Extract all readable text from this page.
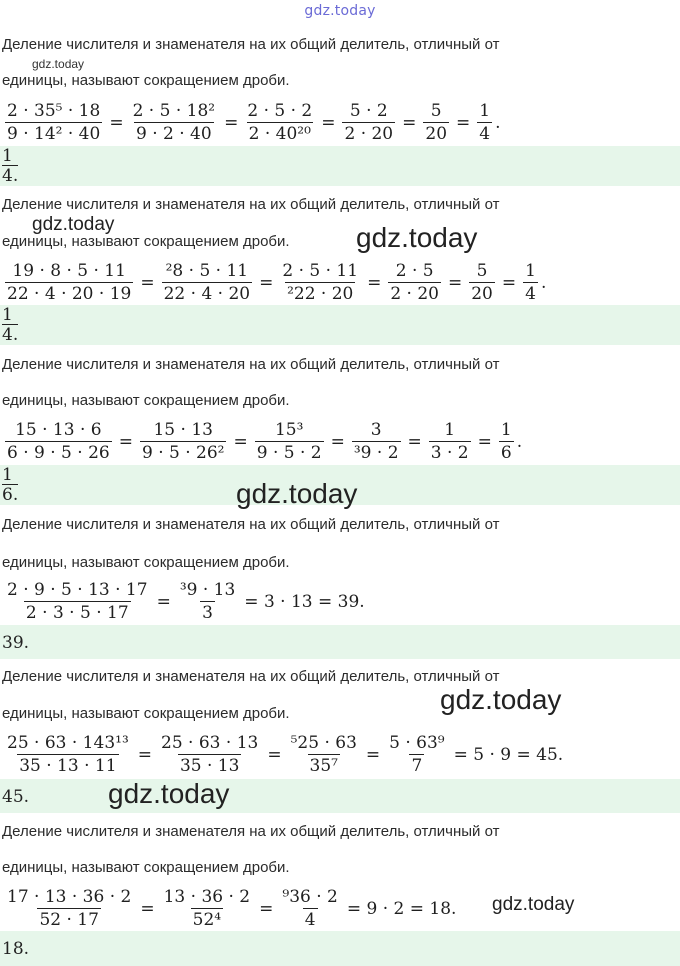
gdz.today
Деление числителя и знаменателя на их общий делитель, отличный от
gdz.today
единицы, называют сокращением дроби.
$\frac{\text{2 · 35⁵ · 18}}{\text{9 · 14² · 40}} = \frac{\text{2 · 5 · 18²}}{9 \cdot 2 \cdot 40} = \frac{2 \cdot 5 \cdot 2}{\text{2 · 40²⁰}} = \frac{5 \cdot 2}{2 \cdot 20} = \frac{5}{20} = \frac{1}{4}$ .
1
4.
Деление числителя и знаменателя на их общий делитель, отличный от
gdz.today
единицы, называют сокращением дроби. gdz.today
$\frac{19 \cdot 8 \cdot 5 \cdot 11}{22 \cdot 4 \cdot 20 \cdot 19} = \frac{\text{²8 · 5 · 11}}{22 \cdot 4 \cdot 20} = \frac{2 \cdot 5 \cdot 11}{\text{²22 · 20}} = \frac{2 \cdot 5}{2 \cdot 20} = \frac{5}{20} = \frac{1}{4}$ .
1
4.
Деление числителя и знаменателя на их общий делитель, отличный от
единицы, называют сокращением дроби.
$\frac{15 \cdot 13 \cdot 6}{6 \cdot 9 \cdot 5 \cdot 26} = \frac{15 \cdot 13}{\text{9 · 5 · 26²}} = \frac{\text{15³}}{9 \cdot 5 \cdot 2} = \frac{3}{\text{³9 · 2}} = \frac{1}{3 \cdot 2} = \frac{1}{6}$ .
1
6.	gdz.today
Деление числителя и знаменателя на их общий делитель, отличный от
единицы, называют сокращением дроби.
$\frac{2 \cdot 9 \cdot 5 \cdot 13 \cdot 17}{2 \cdot 3 \cdot 5 \cdot 17} = \frac{\text{³9 · 13}}{3} = 3 \cdot 13 = 39$.
39.
Деление числителя и знаменателя на их общий делитель, отличный от
gdz.today
единицы, называют сокращением дроби.
$\frac{\text{25 · 63 · 143¹³}}{35 \cdot 13 \cdot 11} = \frac{25 \cdot 63 \cdot 13}{35 \cdot 13} = \frac{\text{⁵25 · 63}}{\text{35⁷}} = \frac{\text{5 · 63⁹}}{7} = 5 \cdot 9 = 45$.
45.	gdz.today
Деление числителя и знаменателя на их общий делитель, отличный от
единицы, называют сокращением дроби.
$\frac{17 \cdot 13 \cdot 36 \cdot 2}{52 \cdot 17} = \frac{13 \cdot 36 \cdot 2}{\text{52⁴}} = \frac{\text{⁹36 · 2}}{4} = 9 \cdot 2 = 18$. gdz.today
18.
